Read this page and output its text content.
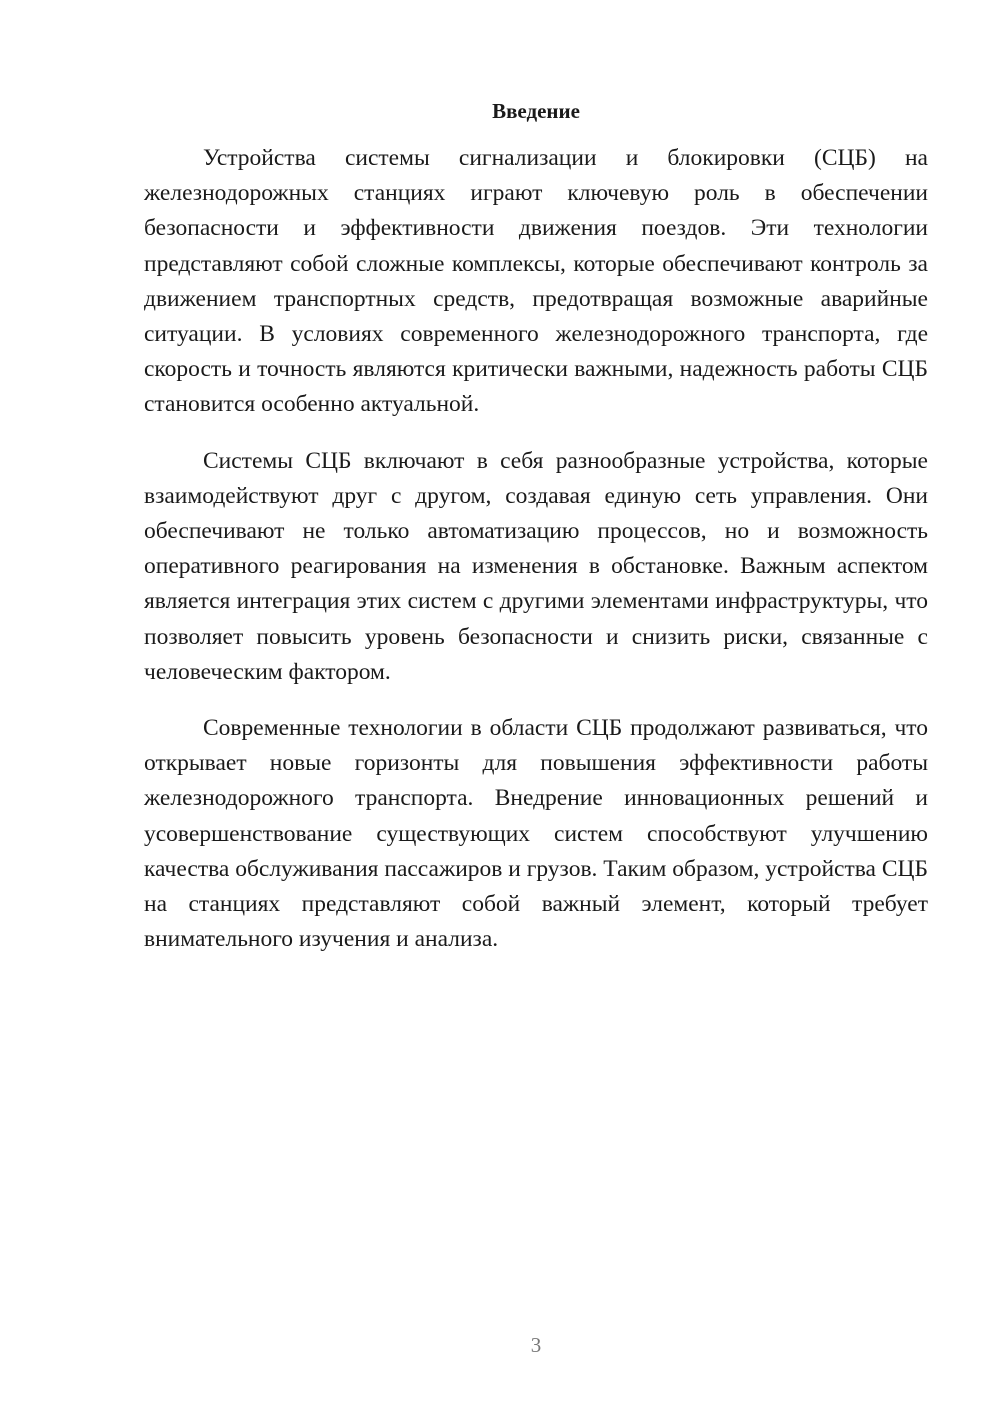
Введение

Устройства системы сигнализации и блокировки (СЦБ) на железнодорожных станциях играют ключевую роль в обеспечении безопасности и эффективности движения поездов. Эти технологии представляют собой сложные комплексы, которые обеспечивают контроль за движением транспортных средств, предотвращая возможные аварийные ситуации. В условиях современного железнодорожного транспорта, где скорость и точность являются критически важными, надежность работы СЦБ становится особенно актуальной.

Системы СЦБ включают в себя разнообразные устройства, которые взаимодействуют друг с другом, создавая единую сеть управления. Они обеспечивают не только автоматизацию процессов, но и возможность оперативного реагирования на изменения в обстановке. Важным аспектом является интеграция этих систем с другими элементами инфраструктуры, что позволяет повысить уровень безопасности и снизить риски, связанные с человеческим фактором.

Современные технологии в области СЦБ продолжают развиваться, что открывает новые горизонты для повышения эффективности работы железнодорожного транспорта. Внедрение инновационных решений и усовершенствование существующих систем способствуют улучшению качества обслуживания пассажиров и грузов. Таким образом, устройства СЦБ на станциях представляют собой важный элемент, который требует внимательного изучения и анализа.

3
